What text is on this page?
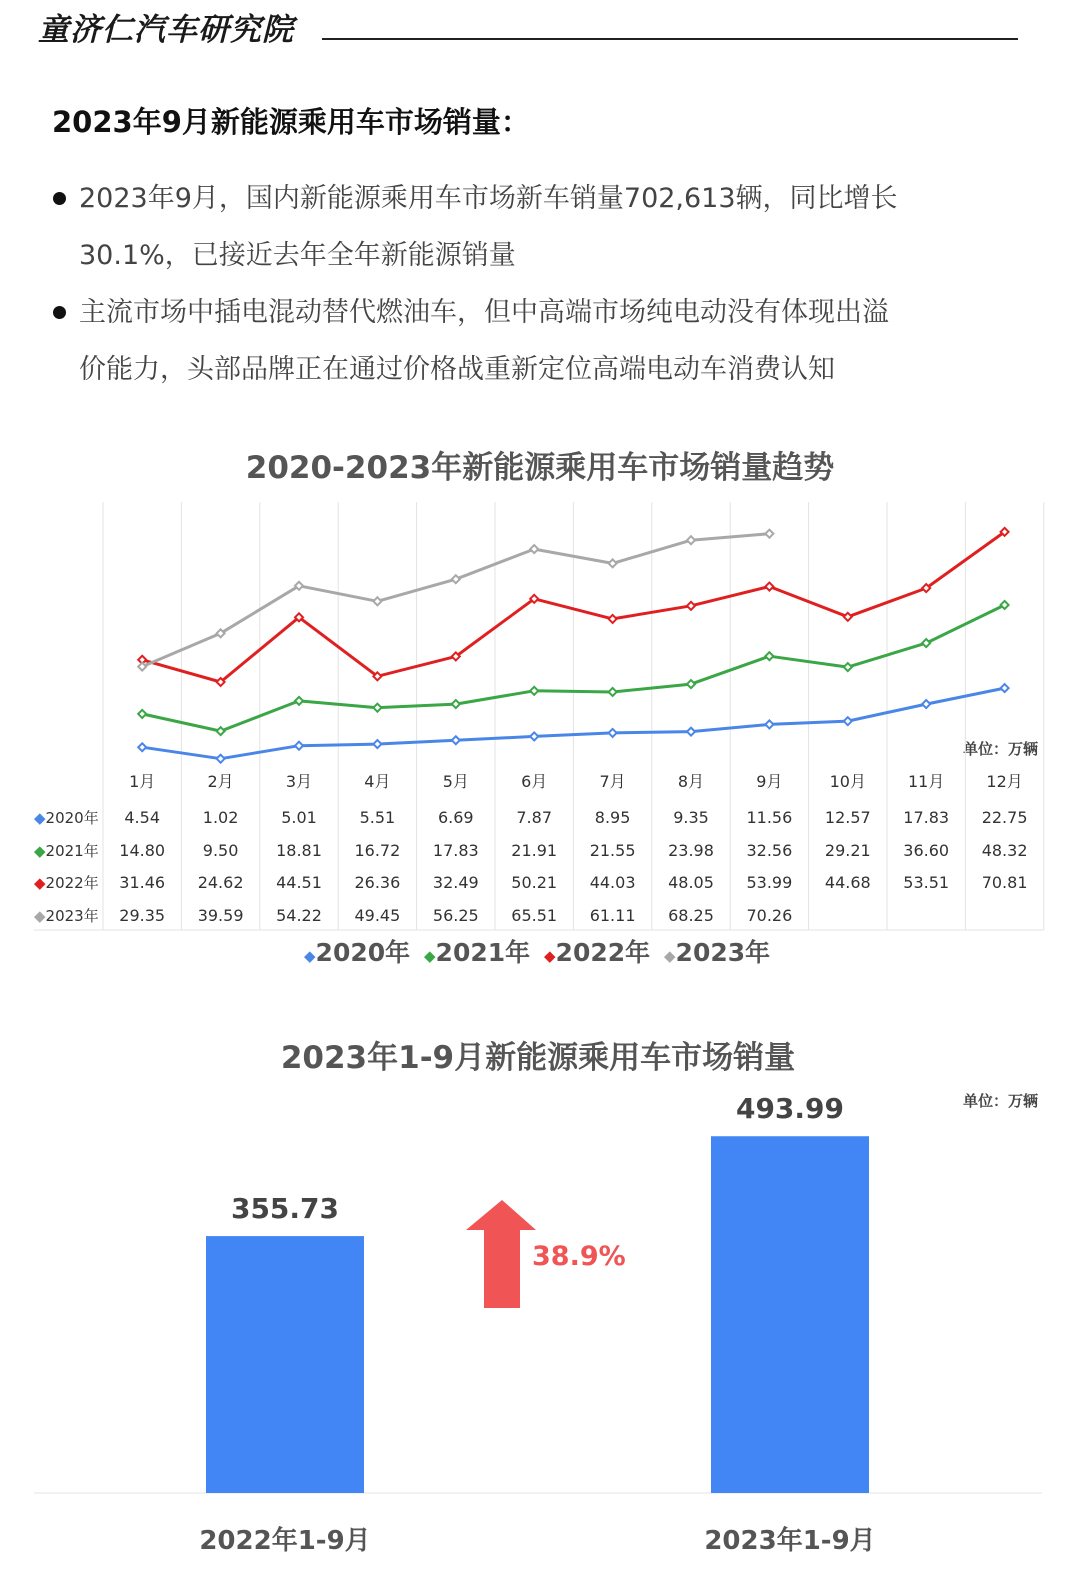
童济仁汽车研究院
2023年9月新能源乘用车市场销量：
2023年9月，国内新能源乘用车市场新车销量702,613辆，同比增长
30.1%，已接近去年全年新能源销量
主流市场中插电混动替代燃油车，但中高端市场纯电动没有体现出溢
价能力，头部品牌正在通过价格战重新定位高端电动车消费认知
2020-2023年新能源乘用车市场销量趋势
单位：万辆
1月	2月	3月	4月	5月	6月	7月	8月	9月	10月	11月	12月
◆2020年 4.54	1.02	5.01	5.51	6.69	7.87	8.95	9.35 11.56 12.57 17.83 22.75
◆2021年 14.80 9.50 18.81 16.72 17.83 21.91 21.55 23.98 32.56 29.21 36.60 48.32
◆2022年 31.46 24.62 44.51 26.36 32.49 50.21 44.03 48.05 53.99 44.68 53.51 70.81
◆2023年 29.35 39.59 54.22 49.45 56.25 65.51 61.11 68.25 70.26
◆2020年 ◆2021年 ◆2022年 ◆2023年
2023年1-9月新能源乘用车市场销量
单位：万辆
355.73
2022年1-9月
493.99
2023年1-9月
38.9%
